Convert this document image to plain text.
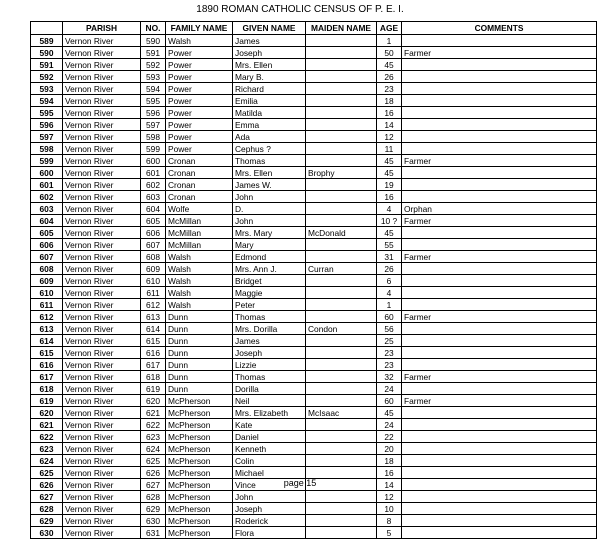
1890 ROMAN CATHOLIC CENSUS OF P. E. I.
	PARISH	NO.	FAMILY NAME	GIVEN NAME	MAIDEN NAME	AGE	COMMENTS
589	Vernon River	590	Walsh	James		1	
590	Vernon River	591	Power	Joseph		50	Farmer
591	Vernon River	592	Power	Mrs. Ellen		45	
592	Vernon River	593	Power	Mary B.		26	
593	Vernon River	594	Power	Richard		23	
594	Vernon River	595	Power	Emilia		18	
595	Vernon River	596	Power	Matilda		16	
596	Vernon River	597	Power	Emma		14	
597	Vernon River	598	Power	Ada		12	
598	Vernon River	599	Power	Cephus ?		11	
599	Vernon River	600	Cronan	Thomas		45	Farmer
600	Vernon River	601	Cronan	Mrs. Ellen	Brophy	45	
601	Vernon River	602	Cronan	James W.		19	
602	Vernon River	603	Cronan	John		16	
603	Vernon River	604	Wolfe	D.		4	Orphan
604	Vernon River	605	McMillan	John		10 ?	Farmer
605	Vernon River	606	McMillan	Mrs. Mary	McDonald	45	
606	Vernon River	607	McMillan	Mary		55	
607	Vernon River	608	Walsh	Edmond		31	Farmer
608	Vernon River	609	Walsh	Mrs. Ann J.	Curran	26	
609	Vernon River	610	Walsh	Bridget		6	
610	Vernon River	611	Walsh	Maggie		4	
611	Vernon River	612	Walsh	Peter		1	
612	Vernon River	613	Dunn	Thomas		60	Farmer
613	Vernon River	614	Dunn	Mrs. Dorilla	Condon	56	
614	Vernon River	615	Dunn	James		25	
615	Vernon River	616	Dunn	Joseph		23	
616	Vernon River	617	Dunn	Lizzie		23	
617	Vernon River	618	Dunn	Thomas		32	Farmer
618	Vernon River	619	Dunn	Dorilla		24	
619	Vernon River	620	McPherson	Neil		60	Farmer
620	Vernon River	621	McPherson	Mrs. Elizabeth	McIsaac	45	
621	Vernon River	622	McPherson	Kate		24	
622	Vernon River	623	McPherson	Daniel		22	
623	Vernon River	624	McPherson	Kenneth		20	
624	Vernon River	625	McPherson	Colin		18	
625	Vernon River	626	McPherson	Michael		16	
626	Vernon River	627	McPherson	Vince		14	
627	Vernon River	628	McPherson	John		12	
628	Vernon River	629	McPherson	Joseph		10	
629	Vernon River	630	McPherson	Roderick		8	
630	Vernon River	631	McPherson	Flora		5	
page 15
